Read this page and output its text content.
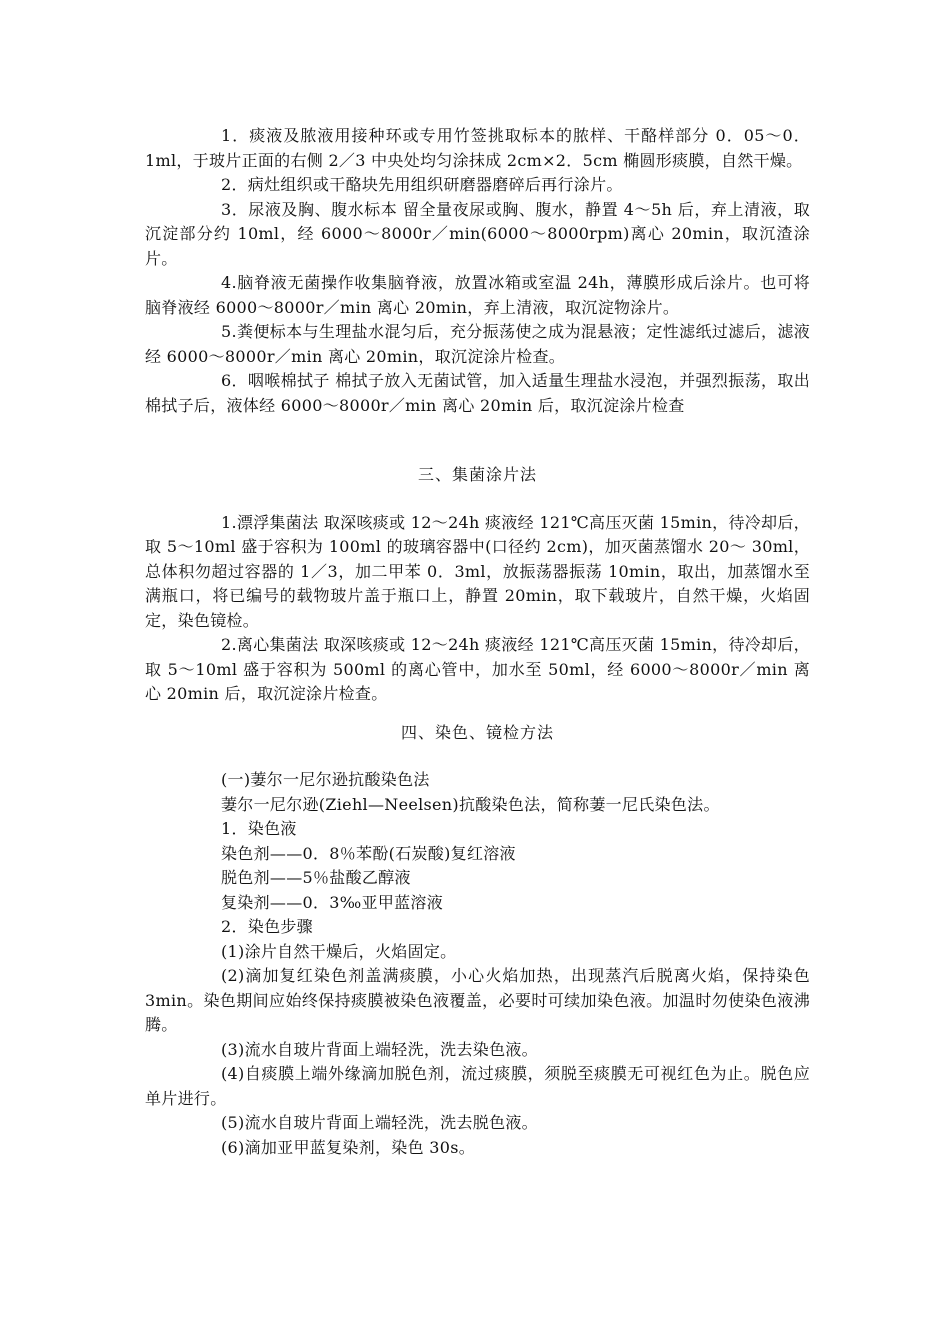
1．痰液及脓液用接种环或专用竹签挑取标本的脓样、干酪样部分 0．05～0．1ml，于玻片正面的右侧 2／3 中央处均匀涂抹成 2cm×2．5cm 椭圆形痰膜，自然干燥。

2．病灶组织或干酪块先用组织研磨器磨碎后再行涂片。

3．尿液及胸、腹水标本 留全量夜尿或胸、腹水，静置 4～5h 后，弃上清液，取沉淀部分约 10ml，经 6000～8000r／min(6000～8000rpm)离心 20min，取沉渣涂片。

4.脑脊液无菌操作收集脑脊液，放置冰箱或室温 24h，薄膜形成后涂片。也可将脑脊液经 6000～8000r／min 离心 20min，弃上清液，取沉淀物涂片。

5.粪便标本与生理盐水混匀后，充分振荡使之成为混悬液；定性滤纸过滤后，滤液经 6000～8000r／min 离心 20min，取沉淀涂片检查。

6．咽喉棉拭子 棉拭子放入无菌试管，加入适量生理盐水浸泡，并强烈振荡，取出棉拭子后，液体经 6000～8000r／min 离心 20min 后，取沉淀涂片检查

三、集菌涂片法

1.漂浮集菌法 取深咳痰或 12～24h 痰液经 121℃高压灭菌 15min，待冷却后，取 5～10ml 盛于容积为 100ml 的玻璃容器中(口径约 2cm)，加灭菌蒸馏水 20～ 30ml，总体积勿超过容器的 1／3，加二甲苯 0．3ml，放振荡器振荡 10min，取出，加蒸馏水至满瓶口，将已编号的载物玻片盖于瓶口上，静置 20min，取下载玻片，自然干燥，火焰固定，染色镜检。

2.离心集菌法 取深咳痰或 12～24h 痰液经 121℃高压灭菌 15min，待冷却后，取 5～10ml 盛于容积为 500ml 的离心管中，加水至 50ml，经 6000～8000r／min 离心 20min 后，取沉淀涂片检查。

四、染色、镜检方法

(一)萋尔一尼尔逊抗酸染色法

萋尔一尼尔逊(Ziehl—Neelsen)抗酸染色法，简称萋一尼氏染色法。

1．染色液

染色剂——0．8％苯酚(石炭酸)复红溶液

脱色剂——5％盐酸乙醇液

复染剂——0．3‰亚甲蓝溶液

2．染色步骤

(1)涂片自然干燥后，火焰固定。

(2)滴加复红染色剂盖满痰膜，小心火焰加热，出现蒸汽后脱离火焰，保持染色 3min。染色期间应始终保持痰膜被染色液覆盖，必要时可续加染色液。加温时勿使染色液沸腾。

(3)流水自玻片背面上端轻洗，洗去染色液。

(4)自痰膜上端外缘滴加脱色剂，流过痰膜，须脱至痰膜无可视红色为止。脱色应单片进行。

(5)流水自玻片背面上端轻洗，洗去脱色液。

(6)滴加亚甲蓝复染剂，染色 30s。
